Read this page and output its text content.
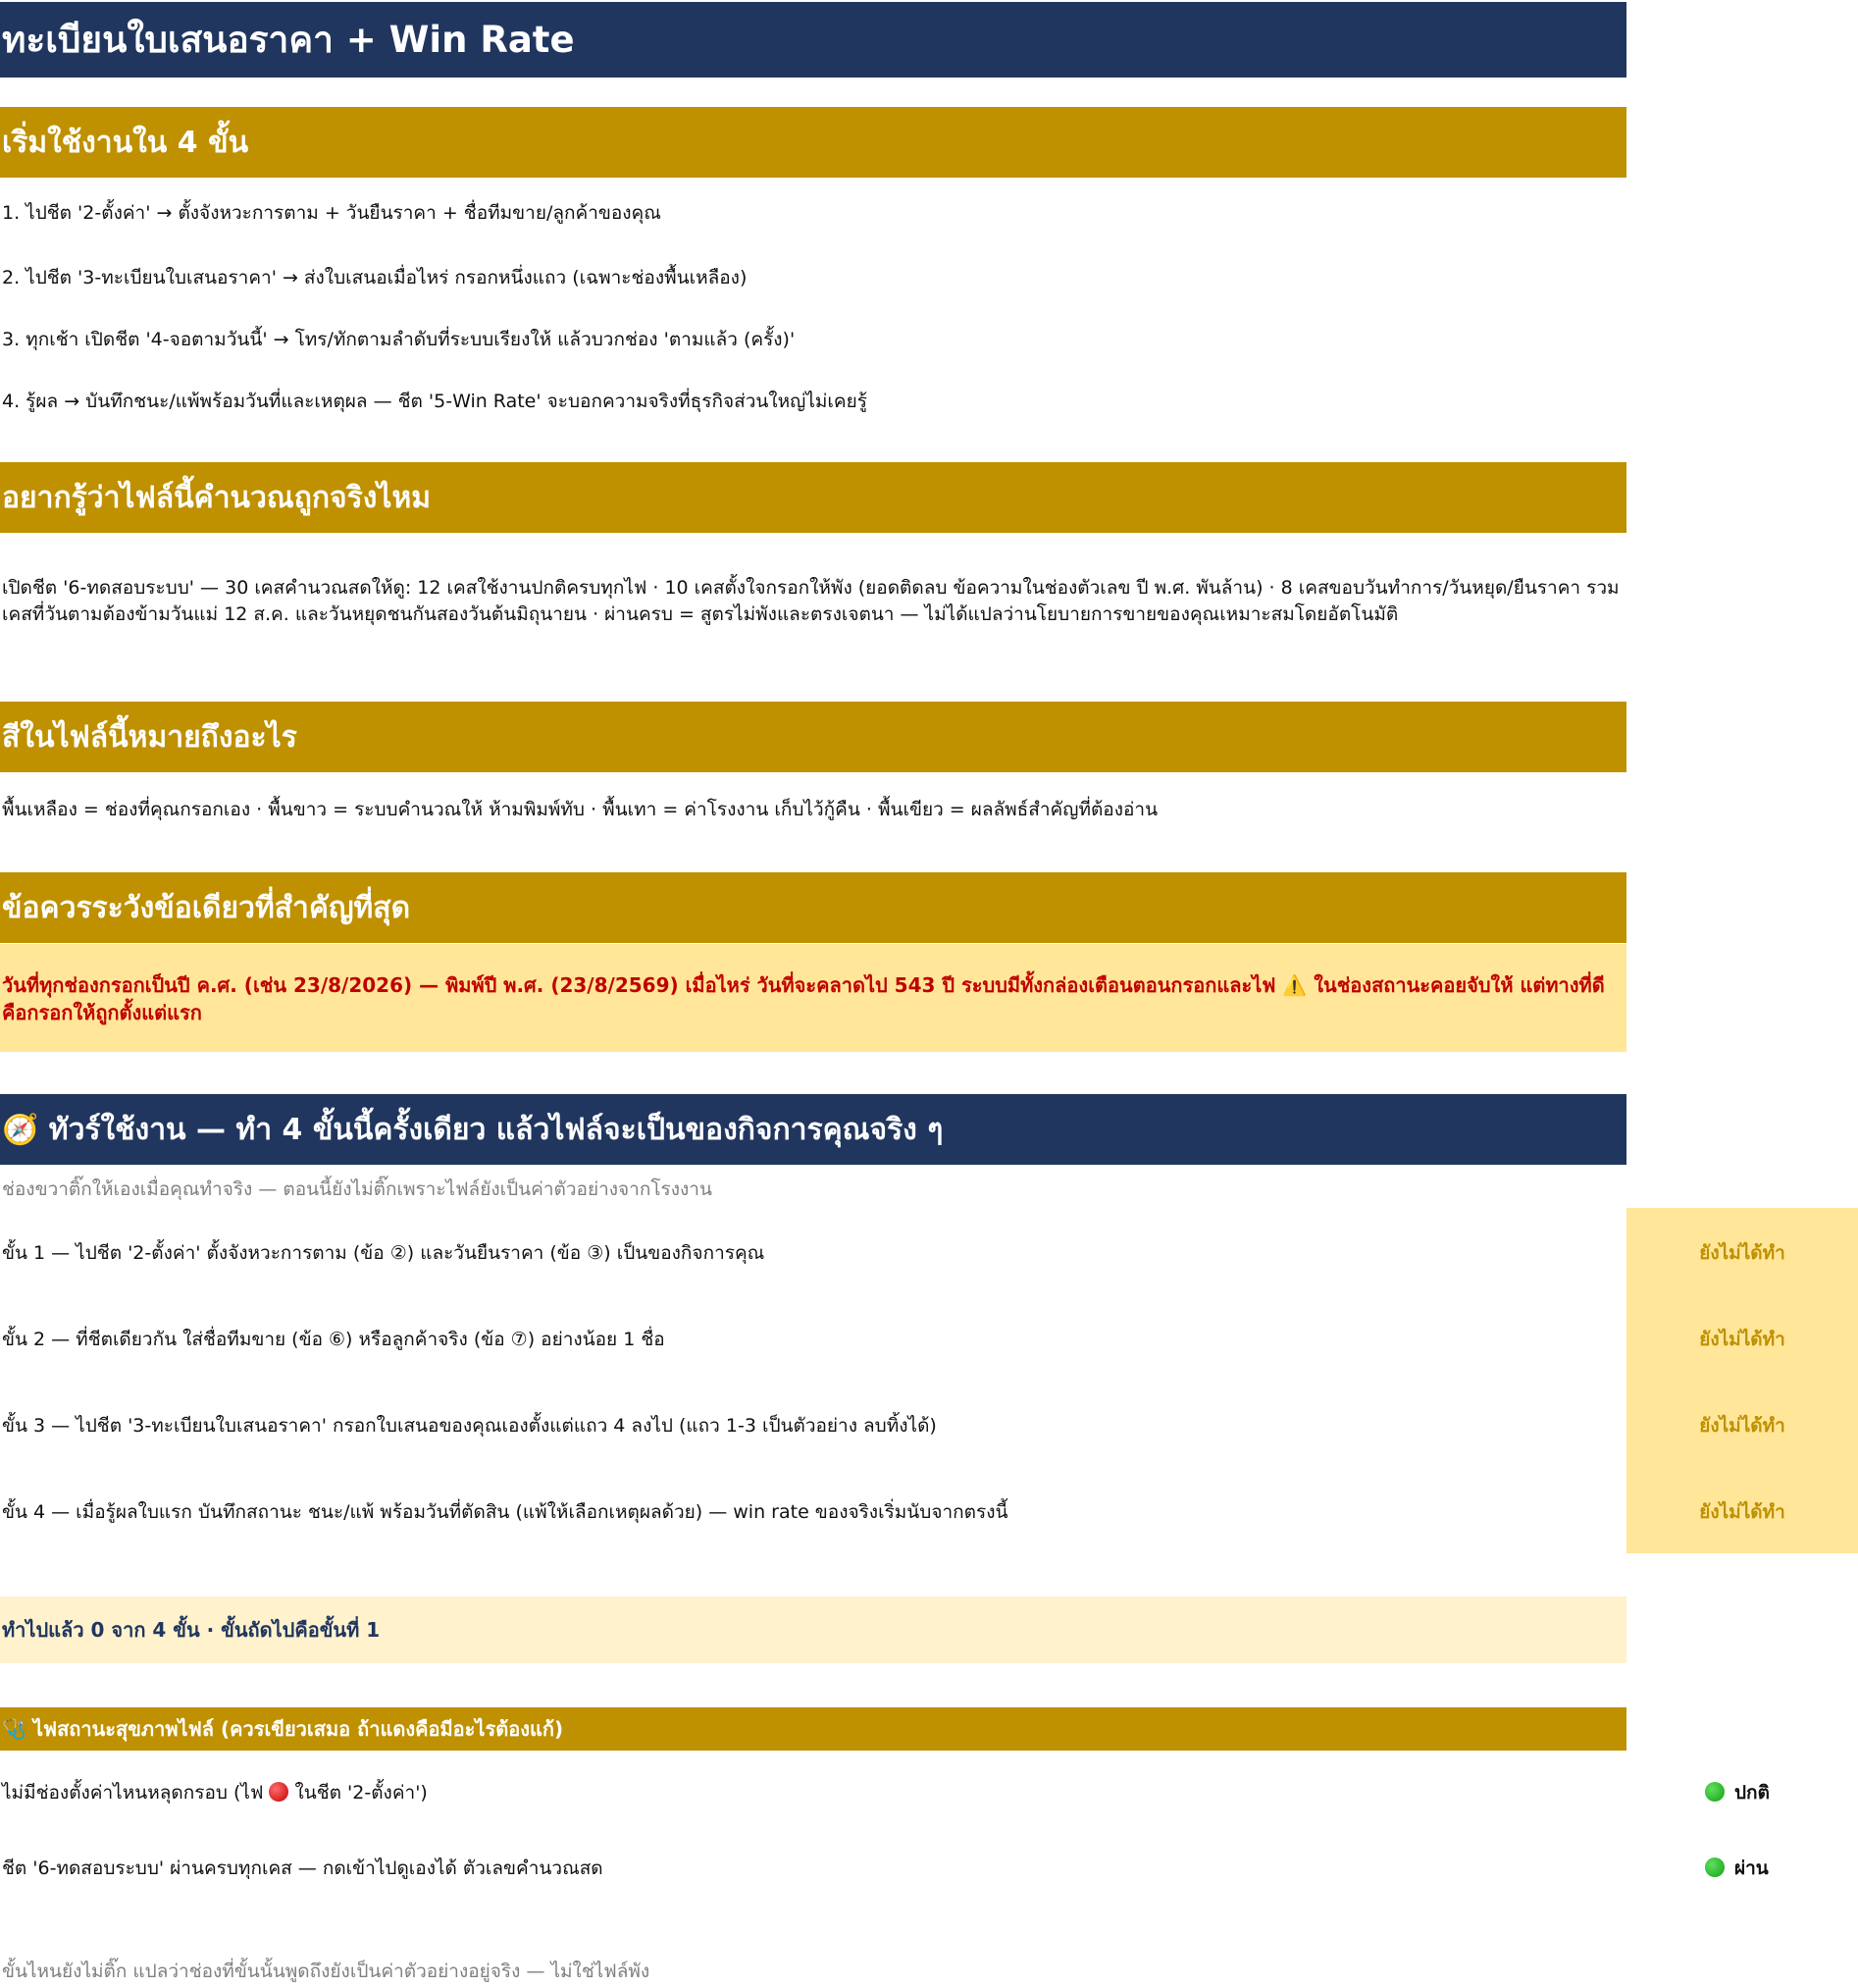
ทะเบียนใบเสนอราคา + Win Rate
เริ่มใช้งานใน 4 ขั้น
1. ไปชีต '2-ตั้งค่า' → ตั้งจังหวะการตาม + วันยืนราคา + ชื่อทีมขาย/ลูกค้าของคุณ
2. ไปชีต '3-ทะเบียนใบเสนอราคา' → ส่งใบเสนอเมื่อไหร่ กรอกหนึ่งแถว (เฉพาะช่องพื้นเหลือง)
3. ทุกเช้า เปิดชีต '4-จอตามวันนี้' → โทร/ทักตามลำดับที่ระบบเรียงให้ แล้วบวกช่อง 'ตามแล้ว (ครั้ง)'
4. รู้ผล → บันทึกชนะ/แพ้พร้อมวันที่และเหตุผล — ชีต '5-Win Rate' จะบอกความจริงที่ธุรกิจส่วนใหญ่ไม่เคยรู้
อยากรู้ว่าไฟล์นี้คำนวณถูกจริงไหม
เปิดชีต '6-ทดสอบระบบ' — 30 เคสคำนวณสดให้ดู: 12 เคสใช้งานปกติครบทุกไฟ · 10 เคสตั้งใจกรอกให้พัง (ยอดติดลบ ข้อความในช่องตัวเลข ปี พ.ศ. พันล้าน) · 8 เคสขอบวันทำการ/วันหยุด/ยืนราคา รวมเคสที่วันตามต้องข้ามวันแม่ 12 ส.ค. และวันหยุดชนกันสองวันต้นมิถุนายน · ผ่านครบ = สูตรไม่พังและตรงเจตนา — ไม่ได้แปลว่านโยบายการขายของคุณเหมาะสมโดยอัตโนมัติ
สีในไฟล์นี้หมายถึงอะไร
พื้นเหลือง = ช่องที่คุณกรอกเอง · พื้นขาว = ระบบคำนวณให้ ห้ามพิมพ์ทับ · พื้นเทา = ค่าโรงงาน เก็บไว้กู้คืน · พื้นเขียว = ผลลัพธ์สำคัญที่ต้องอ่าน
ข้อควรระวังข้อเดียวที่สำคัญที่สุด
วันที่ทุกช่องกรอกเป็นปี ค.ศ. (เช่น 23/8/2026) — พิมพ์ปี พ.ศ. (23/8/2569) เมื่อไหร่ วันที่จะคลาดไป 543 ปี ระบบมีทั้งกล่องเตือนตอนกรอกและไฟ ⚠️ ในช่องสถานะคอยจับให้ แต่ทางที่ดีคือกรอกให้ถูกตั้งแต่แรก
🧭 ทัวร์ใช้งาน — ทำ 4 ขั้นนี้ครั้งเดียว แล้วไฟล์จะเป็นของกิจการคุณจริง ๆ
ช่องขวาติ๊กให้เองเมื่อคุณทำจริง — ตอนนี้ยังไม่ติ๊กเพราะไฟล์ยังเป็นค่าตัวอย่างจากโรงงาน
ขั้น 1 — ไปชีต '2-ตั้งค่า' ตั้งจังหวะการตาม (ข้อ ②) และวันยืนราคา (ข้อ ③) เป็นของกิจการคุณ	ยังไม่ได้ทำ
ขั้น 2 — ที่ชีตเดียวกัน ใส่ชื่อทีมขาย (ข้อ ⑥) หรือลูกค้าจริง (ข้อ ⑦) อย่างน้อย 1 ชื่อ	ยังไม่ได้ทำ
ขั้น 3 — ไปชีต '3-ทะเบียนใบเสนอราคา' กรอกใบเสนอของคุณเองตั้งแต่แถว 4 ลงไป (แถว 1-3 เป็นตัวอย่าง ลบทิ้งได้)	ยังไม่ได้ทำ
ขั้น 4 — เมื่อรู้ผลใบแรก บันทึกสถานะ ชนะ/แพ้ พร้อมวันที่ตัดสิน (แพ้ให้เลือกเหตุผลด้วย) — win rate ของจริงเริ่มนับจากตรงนี้	ยังไม่ได้ทำ
ทำไปแล้ว 0 จาก 4 ขั้น · ขั้นถัดไปคือขั้นที่ 1
🩺 ไฟสถานะสุขภาพไฟล์ (ควรเขียวเสมอ ถ้าแดงคือมีอะไรต้องแก้)
ไม่มีช่องตั้งค่าไหนหลุดกรอบ (ไฟ  ในชีต '2-ตั้งค่า')	ปกติ
ชีต '6-ทดสอบระบบ' ผ่านครบทุกเคส — กดเข้าไปดูเองได้ ตัวเลขคำนวณสด	ผ่าน
ขั้นไหนยังไม่ติ๊ก แปลว่าช่องที่ขั้นนั้นพูดถึงยังเป็นค่าตัวอย่างอยู่จริง — ไม่ใช่ไฟล์พัง
